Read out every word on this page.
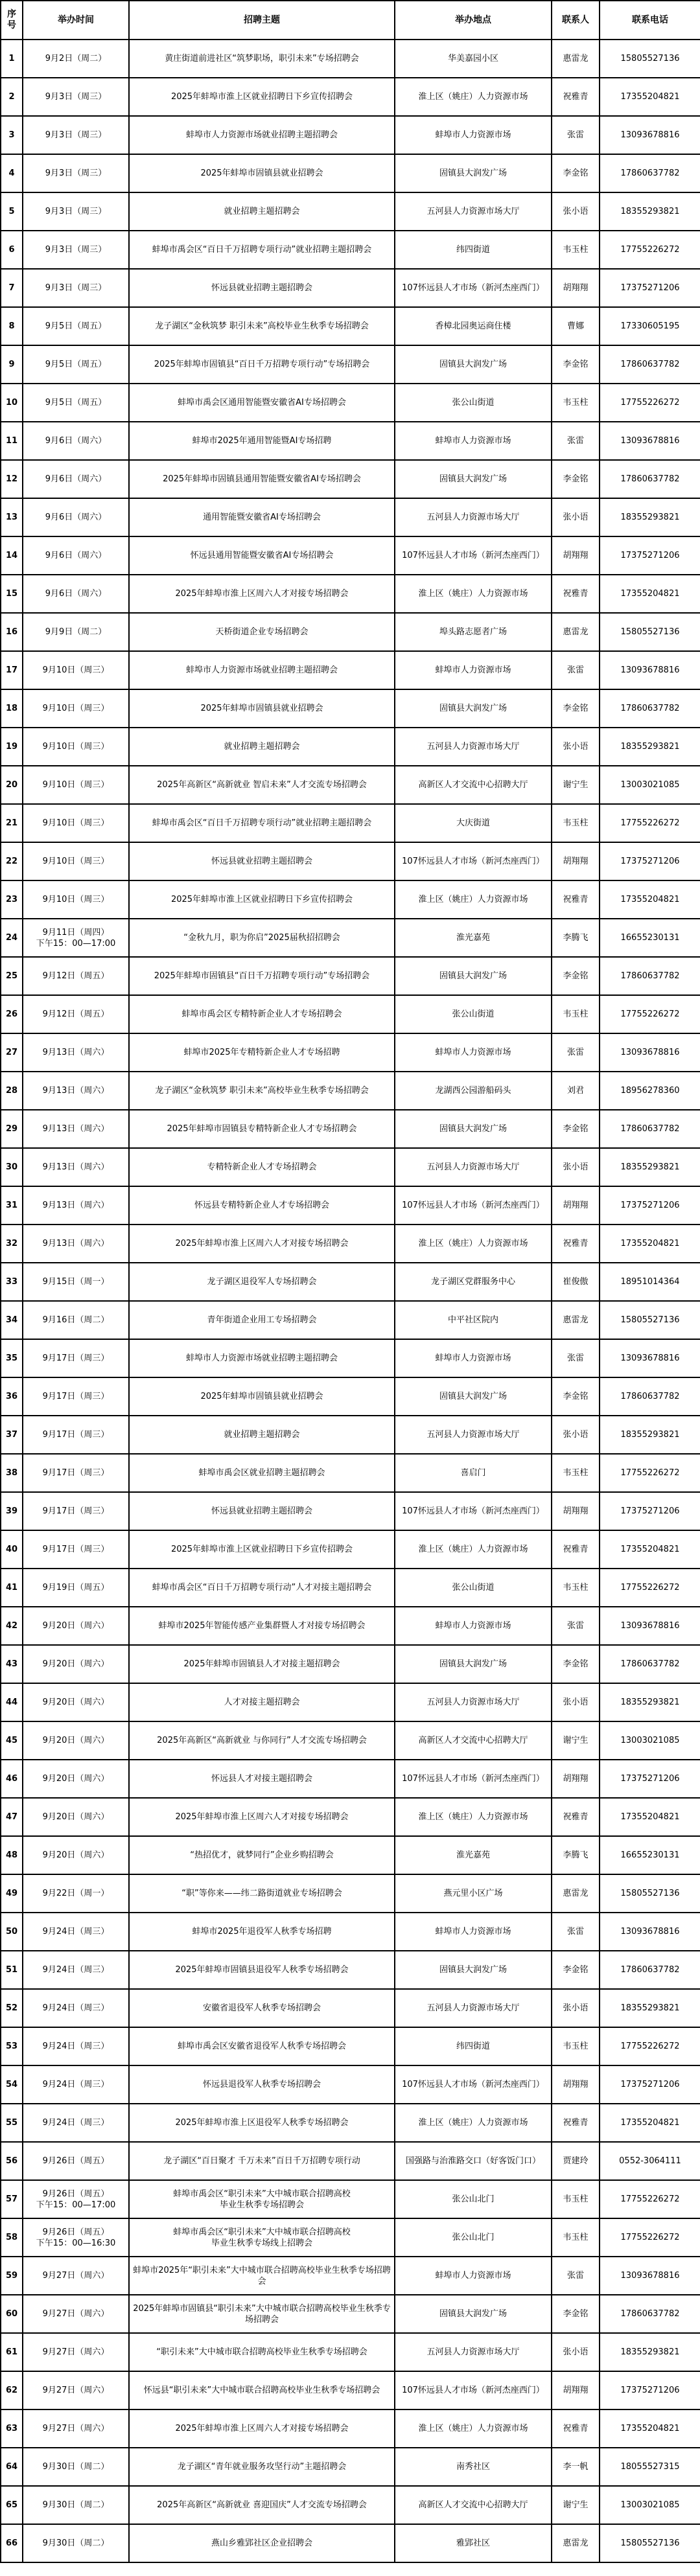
序号	举办时间	招聘主题	举办地点	联系人	联系电话
1	9月2日（周二）	黄庄街道前进社区“筑梦职场，职引未来”专场招聘会	华美嘉园小区	惠雷龙	15805527136
2	9月3日（周三）	2025年蚌埠市淮上区就业招聘日下乡宣传招聘会	淮上区（姚庄）人力资源市场	祝雅青	17355204821
3	9月3日（周三）	蚌埠市人力资源市场就业招聘主题招聘会	蚌埠市人力资源市场	张雷	13093678816
4	9月3日（周三）	2025年蚌埠市固镇县就业招聘会	固镇县大润发广场	李金铭	17860637782
5	9月3日（周三）	就业招聘主题招聘会	五河县人力资源市场大厅	张小语	18355293821
6	9月3日（周三）	蚌埠市禹会区“百日千万招聘专项行动”就业招聘主题招聘会	纬四街道	韦玉柱	17755226272
7	9月3日（周三）	怀远县就业招聘主题招聘会	107怀远县人才市场（新河杰座西门）	胡翔翔	17375271206
8	9月5日（周五）	龙子湖区“金秋筑梦 职引未来”高校毕业生秋季专场招聘会	香樟北园奥运商住楼	曹娜	17330605195
9	9月5日（周五）	2025年蚌埠市固镇县“百日千万招聘专项行动”专场招聘会	固镇县大润发广场	李金铭	17860637782
10	9月5日（周五）	蚌埠市禹会区通用智能暨安徽省AI专场招聘会	张公山街道	韦玉柱	17755226272
11	9月6日（周六）	蚌埠市2025年通用智能暨AI专场招聘	蚌埠市人力资源市场	张雷	13093678816
12	9月6日（周六）	2025年蚌埠市固镇县通用智能暨安徽省AI专场招聘会	固镇县大润发广场	李金铭	17860637782
13	9月6日（周六）	通用智能暨安徽省AI专场招聘会	五河县人力资源市场大厅	张小语	18355293821
14	9月6日（周六）	怀远县通用智能暨安徽省AI专场招聘会	107怀远县人才市场（新河杰座西门）	胡翔翔	17375271206
15	9月6日（周六）	2025年蚌埠市淮上区周六人才对接专场招聘会	淮上区（姚庄）人力资源市场	祝雅青	17355204821
16	9月9日（周二）	天桥街道企业专场招聘会	埠头路志愿者广场	惠雷龙	15805527136
17	9月10日（周三）	蚌埠市人力资源市场就业招聘主题招聘会	蚌埠市人力资源市场	张雷	13093678816
18	9月10日（周三）	2025年蚌埠市固镇县就业招聘会	固镇县大润发广场	李金铭	17860637782
19	9月10日（周三）	就业招聘主题招聘会	五河县人力资源市场大厅	张小语	18355293821
20	9月10日（周三）	2025年高新区“高新就业 智启未来”人才交流专场招聘会	高新区人才交流中心招聘大厅	谢宁生	13003021085
21	9月10日（周三）	蚌埠市禹会区“百日千万招聘专项行动”就业招聘主题招聘会	大庆街道	韦玉柱	17755226272
22	9月10日（周三）	怀远县就业招聘主题招聘会	107怀远县人才市场（新河杰座西门）	胡翔翔	17375271206
23	9月10日（周三）	2025年蚌埠市淮上区就业招聘日下乡宣传招聘会	淮上区（姚庄）人力资源市场	祝雅青	17355204821
24	9月11日（周四）
下午15：00—17:00	“金秋九月，职为你启”2025届秋招招聘会	淮光嘉苑	李腾飞	16655230131
25	9月12日（周五）	2025年蚌埠市固镇县“百日千万招聘专项行动”专场招聘会	固镇县大润发广场	李金铭	17860637782
26	9月12日（周五）	蚌埠市禹会区专精特新企业人才专场招聘会	张公山街道	韦玉柱	17755226272
27	9月13日（周六）	蚌埠市2025年专精特新企业人才专场招聘	蚌埠市人力资源市场	张雷	13093678816
28	9月13日（周六）	龙子湖区“金秋筑梦 职引未来”高校毕业生秋季专场招聘会	龙湖西公园游船码头	刘君	18956278360
29	9月13日（周六）	2025年蚌埠市固镇县专精特新企业人才专场招聘会	固镇县大润发广场	李金铭	17860637782
30	9月13日（周六）	专精特新企业人才专场招聘会	五河县人力资源市场大厅	张小语	18355293821
31	9月13日（周六）	怀远县专精特新企业人才专场招聘会	107怀远县人才市场（新河杰座西门）	胡翔翔	17375271206
32	9月13日（周六）	2025年蚌埠市淮上区周六人才对接专场招聘会	淮上区（姚庄）人力资源市场	祝雅青	17355204821
33	9月15日（周一）	龙子湖区退役军人专场招聘会	龙子湖区党群服务中心	崔俊傲	18951014364
34	9月16日（周二）	青年街道企业用工专场招聘会	中平社区院内	惠雷龙	15805527136
35	9月17日（周三）	蚌埠市人力资源市场就业招聘主题招聘会	蚌埠市人力资源市场	张雷	13093678816
36	9月17日（周三）	2025年蚌埠市固镇县就业招聘会	固镇县大润发广场	李金铭	17860637782
37	9月17日（周三）	就业招聘主题招聘会	五河县人力资源市场大厅	张小语	18355293821
38	9月17日（周三）	蚌埠市禹会区就业招聘主题招聘会	喜启门	韦玉柱	17755226272
39	9月17日（周三）	怀远县就业招聘主题招聘会	107怀远县人才市场（新河杰座西门）	胡翔翔	17375271206
40	9月17日（周三）	2025年蚌埠市淮上区就业招聘日下乡宣传招聘会	淮上区（姚庄）人力资源市场	祝雅青	17355204821
41	9月19日（周五）	蚌埠市禹会区“百日千万招聘专项行动”人才对接主题招聘会	张公山街道	韦玉柱	17755226272
42	9月20日（周六）	蚌埠市2025年智能传感产业集群暨人才对接专场招聘会	蚌埠市人力资源市场	张雷	13093678816
43	9月20日（周六）	2025年蚌埠市固镇县人才对接主题招聘会	固镇县大润发广场	李金铭	17860637782
44	9月20日（周六）	人才对接主题招聘会	五河县人力资源市场大厅	张小语	18355293821
45	9月20日（周六）	2025年高新区“高新就业 与你同行”人才交流专场招聘会	高新区人才交流中心招聘大厅	谢宁生	13003021085
46	9月20日（周六）	怀远县人才对接主题招聘会	107怀远县人才市场（新河杰座西门）	胡翔翔	17375271206
47	9月20日（周六）	2025年蚌埠市淮上区周六人才对接专场招聘会	淮上区（姚庄）人力资源市场	祝雅青	17355204821
48	9月20日（周六）	“热招优才，就梦同行”企业乡购招聘会	淮光嘉苑	李腾飞	16655230131
49	9月22日（周一）	“职”等你来——纬二路街道就业专场招聘会	燕元里小区广场	惠雷龙	15805527136
50	9月24日（周三）	蚌埠市2025年退役军人秋季专场招聘	蚌埠市人力资源市场	张雷	13093678816
51	9月24日（周三）	2025年蚌埠市固镇县退役军人秋季专场招聘会	固镇县大润发广场	李金铭	17860637782
52	9月24日（周三）	安徽省退役军人秋季专场招聘会	五河县人力资源市场大厅	张小语	18355293821
53	9月24日（周三）	蚌埠市禹会区安徽省退役军人秋季专场招聘会	纬四街道	韦玉柱	17755226272
54	9月24日（周三）	怀远县退役军人秋季专场招聘会	107怀远县人才市场（新河杰座西门）	胡翔翔	17375271206
55	9月24日（周三）	2025年蚌埠市淮上区退役军人秋季专场招聘会	淮上区（姚庄）人力资源市场	祝雅青	17355204821
56	9月26日（周五）	龙子湖区“百日聚才 千万未来”百日千万招聘专项行动	国强路与治淮路交口（好客饭门口）	贾建玲	0552-3064111
57	9月26日（周五）
下午15：00—17:00	蚌埠市禹会区“职引未来”大中城市联合招聘高校
毕业生秋季专场招聘会	张公山北门	韦玉柱	17755226272
58	9月26日（周五）
下午15：00—16:30	蚌埠市禹会区“职引未来”大中城市联合招聘高校
毕业生秋季专场线上招聘会	张公山北门	韦玉柱	17755226272
59	9月27日（周六）	蚌埠市2025年“职引未来”大中城市联合招聘高校毕业生秋季专场招聘会	蚌埠市人力资源市场	张雷	13093678816
60	9月27日（周六）	2025年蚌埠市固镇县“职引未来”大中城市联合招聘高校毕业生秋季专场招聘会	固镇县大润发广场	李金铭	17860637782
61	9月27日（周六）	“职引未来”大中城市联合招聘高校毕业生秋季专场招聘会	五河县人力资源市场大厅	张小语	18355293821
62	9月27日（周六）	怀远县“职引未来”大中城市联合招聘高校毕业生秋季专场招聘会	107怀远县人才市场（新河杰座西门）	胡翔翔	17375271206
63	9月27日（周六）	2025年蚌埠市淮上区周六人才对接专场招聘会	淮上区（姚庄）人力资源市场	祝雅青	17355204821
64	9月30日（周二）	龙子湖区“青年就业服务攻坚行动”主题招聘会	南秀社区	李一帆	18055527315
65	9月30日（周二）	2025年高新区“高新就业 喜迎国庆”人才交流专场招聘会	高新区人才交流中心招聘大厅	谢宁生	13003021085
66	9月30日（周二）	燕山乡雅郢社区企业招聘会	雅郢社区	惠雷龙	15805527136
